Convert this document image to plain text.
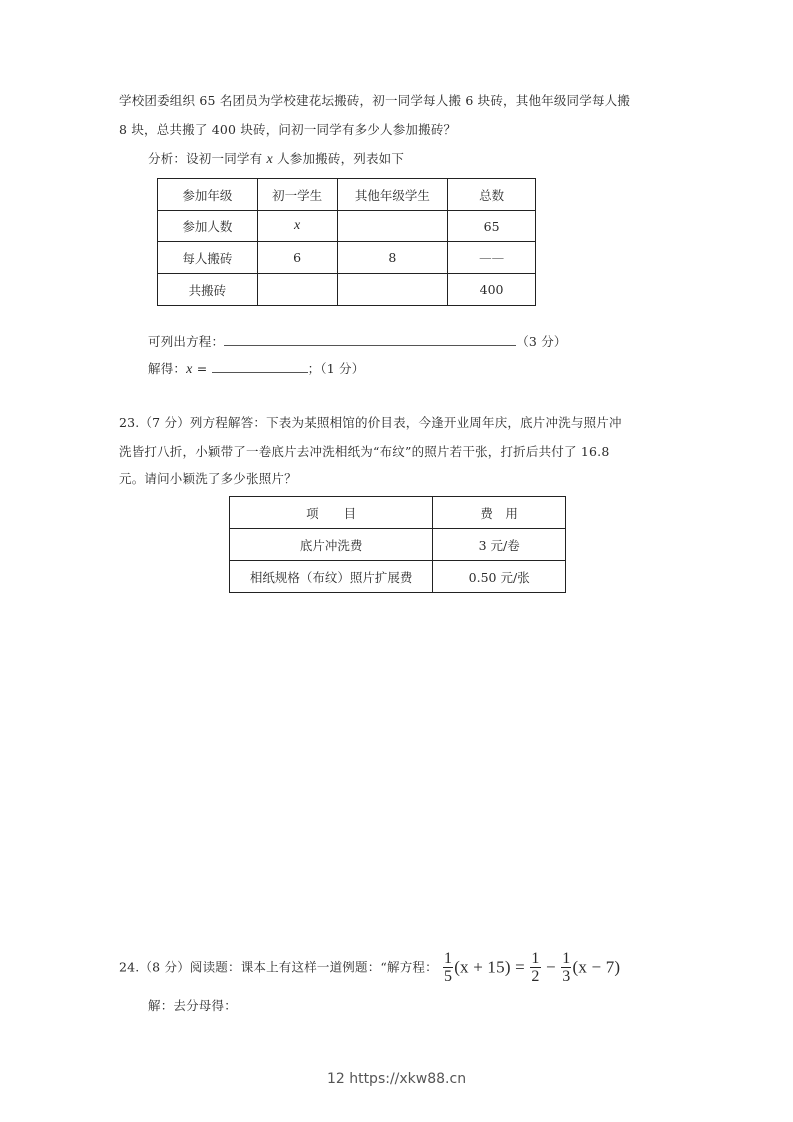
学校团委组织 65 名团员为学校建花坛搬砖，初一同学每人搬 6 块砖，其他年级同学每人搬
8 块，总共搬了 400 块砖，问初一同学有多少人参加搬砖？
分析：设初一同学有 x 人参加搬砖，列表如下
参加年级	初一学生	其他年级学生	总数
参加人数	x		65
每人搬砖	6	8	——
共搬砖			400
可列出方程：	（3 分）
解得：x =	；（1 分）
23.（7 分）列方程解答：下表为某照相馆的价目表，今逢开业周年庆，底片冲洗与照片冲
洗皆打八折，小颖带了一卷底片去冲洗相纸为“布纹”的照片若干张，打折后共付了 16.8
元。请问小颖洗了多少张照片？
项　　目	费　用
底片冲洗费	3 元/卷
相纸规格（布纹）照片扩展费	0.50 元/张
24.（8 分）阅读题：课本上有这样一道例题：“解方程： $\frac{1}{5} (x + 15) = \frac{1}{2} - \frac{1}{3} (x - 7)$
解：去分母得：
12 https://xkw88.cn
